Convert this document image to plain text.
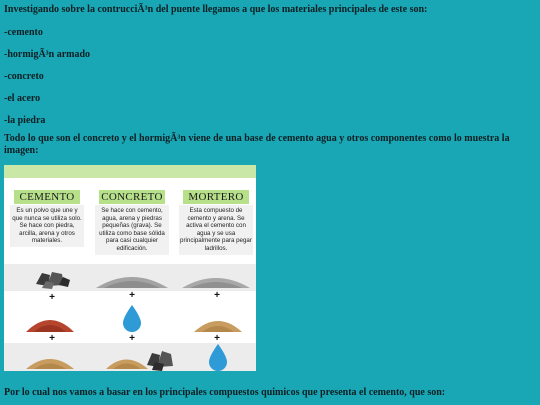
Investigando sobre la contrucciÃ³n del puente llegamos a que los materiales principales de este son:
-cemento
-hormigÃ³n armado
-concreto
-el acero
-la piedra
Todo lo que son el concreto y el hormigÃ³n viene de una base de cemento agua y otros componentes como lo muestra la imagen:
CEMENTO
Es un polvo que une y que nunca se utiliza solo. Se hace con piedra, arcilla, arena y otros materiales.
CONCRETO
Se hace con cemento, agua, arena y piedras pequeñas (grava). Se utiliza como base sólida para casi cualquier edificación.
MORTERO
Esta compuesto de cemento y arena. Se activa el cemento con agua y se usa principalmente para pegar ladrillos.
+	+	+
+	+	+
Por lo cual nos vamos a basar en los principales compuestos quimicos que presenta el cemento, que son:
